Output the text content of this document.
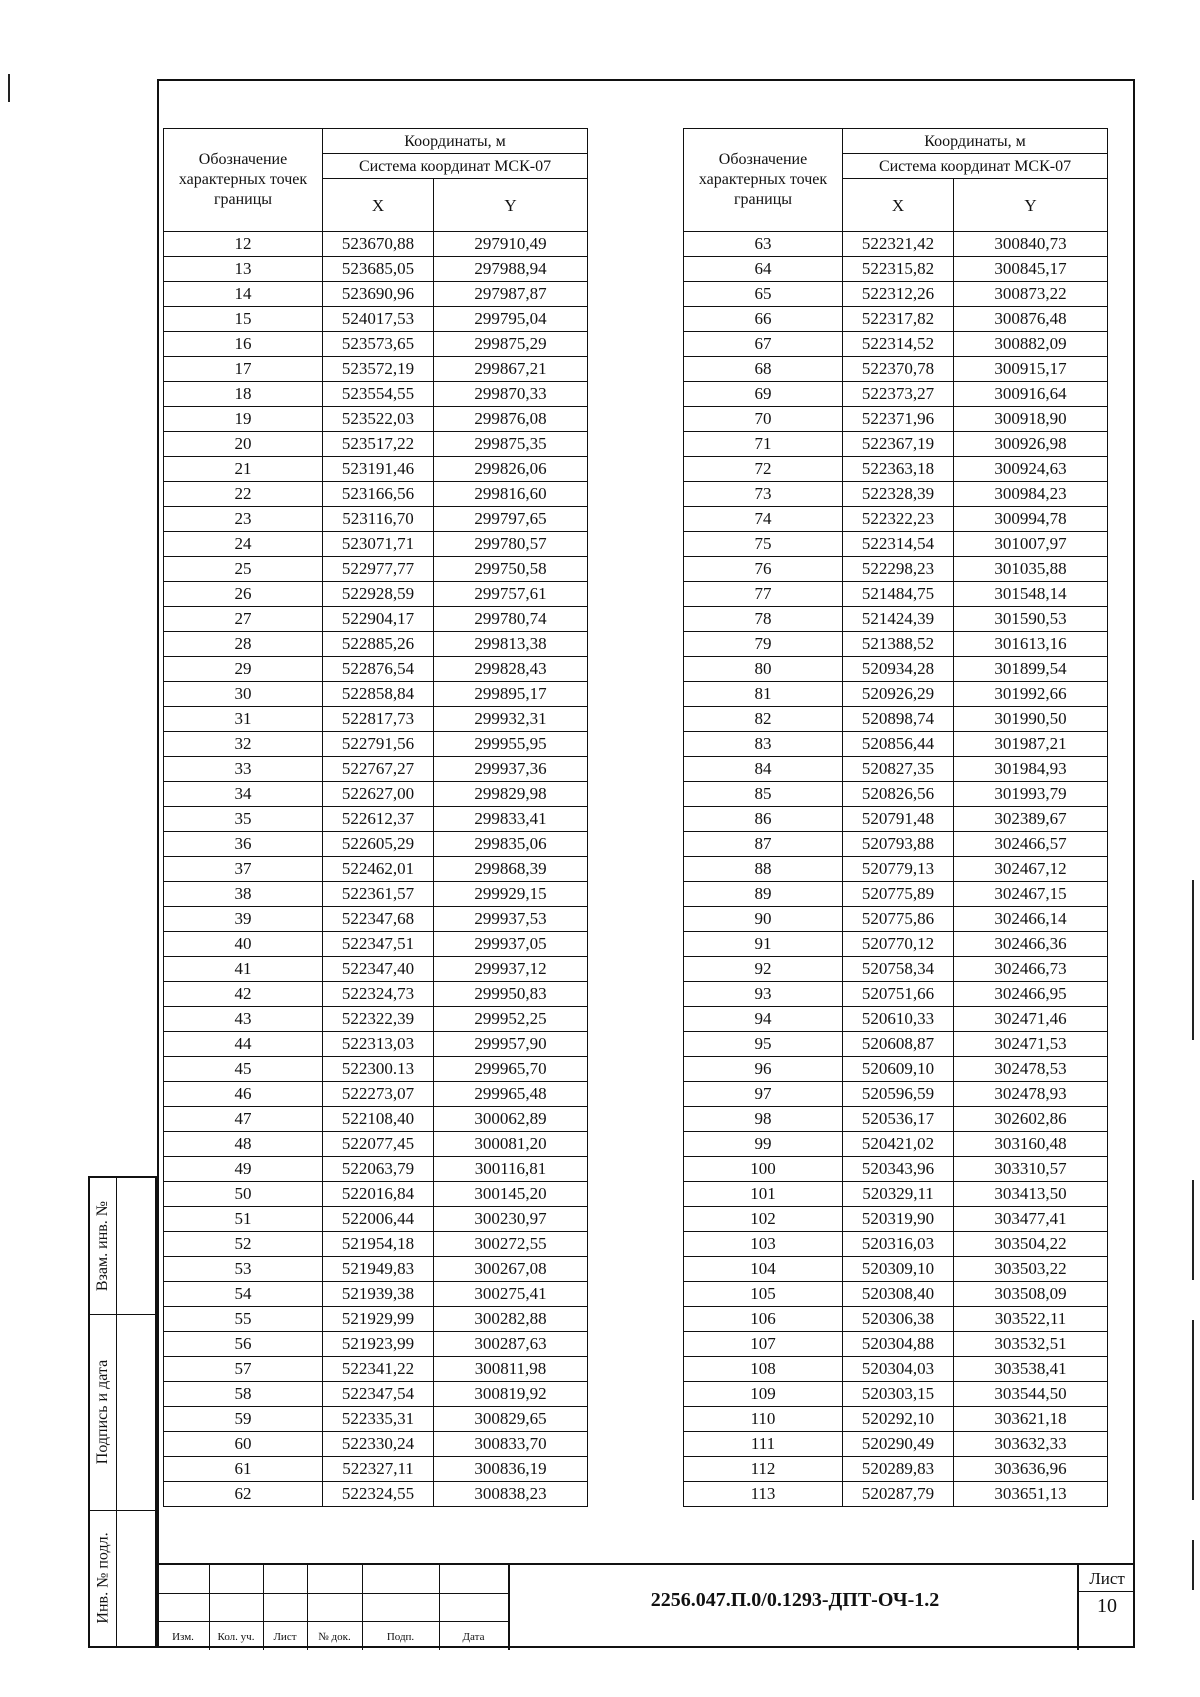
Обозначение характерных точек границы	Координаты, м	
	Система координат МСК-07	
	X	Y
12	523670,88	297910,49
13	523685,05	297988,94
14	523690,96	297987,87
15	524017,53	299795,04
16	523573,65	299875,29
17	523572,19	299867,21
18	523554,55	299870,33
19	523522,03	299876,08
20	523517,22	299875,35
21	523191,46	299826,06
22	523166,56	299816,60
23	523116,70	299797,65
24	523071,71	299780,57
25	522977,77	299750,58
26	522928,59	299757,61
27	522904,17	299780,74
28	522885,26	299813,38
29	522876,54	299828,43
30	522858,84	299895,17
31	522817,73	299932,31
32	522791,56	299955,95
33	522767,27	299937,36
34	522627,00	299829,98
35	522612,37	299833,41
36	522605,29	299835,06
37	522462,01	299868,39
38	522361,57	299929,15
39	522347,68	299937,53
40	522347,51	299937,05
41	522347,40	299937,12
42	522324,73	299950,83
43	522322,39	299952,25
44	522313,03	299957,90
45	522300.13	299965,70
46	522273,07	299965,48
47	522108,40	300062,89
48	522077,45	300081,20
49	522063,79	300116,81
50	522016,84	300145,20
51	522006,44	300230,97
52	521954,18	300272,55
53	521949,83	300267,08
54	521939,38	300275,41
55	521929,99	300282,88
56	521923,99	300287,63
57	522341,22	300811,98
58	522347,54	300819,92
59	522335,31	300829,65
60	522330,24	300833,70
61	522327,11	300836,19
62	522324,55	300838,23
Обозначение характерных точек границы	Координаты, м	
	Система координат МСК-07	
	X	Y
63	522321,42	300840,73
64	522315,82	300845,17
65	522312,26	300873,22
66	522317,82	300876,48
67	522314,52	300882,09
68	522370,78	300915,17
69	522373,27	300916,64
70	522371,96	300918,90
71	522367,19	300926,98
72	522363,18	300924,63
73	522328,39	300984,23
74	522322,23	300994,78
75	522314,54	301007,97
76	522298,23	301035,88
77	521484,75	301548,14
78	521424,39	301590,53
79	521388,52	301613,16
80	520934,28	301899,54
81	520926,29	301992,66
82	520898,74	301990,50
83	520856,44	301987,21
84	520827,35	301984,93
85	520826,56	301993,79
86	520791,48	302389,67
87	520793,88	302466,57
88	520779,13	302467,12
89	520775,89	302467,15
90	520775,86	302466,14
91	520770,12	302466,36
92	520758,34	302466,73
93	520751,66	302466,95
94	520610,33	302471,46
95	520608,87	302471,53
96	520609,10	302478,53
97	520596,59	302478,93
98	520536,17	302602,86
99	520421,02	303160,48
100	520343,96	303310,57
101	520329,11	303413,50
102	520319,90	303477,41
103	520316,03	303504,22
104	520309,10	303503,22
105	520308,40	303508,09
106	520306,38	303522,11
107	520304,88	303532,51
108	520304,03	303538,41
109	520303,15	303544,50
110	520292,10	303621,18
111	520290,49	303632,33
112	520289,83	303636,96
113	520287,79	303651,13
Взам. инв. №
Подпись и дата
Инв. № подл.
Изм.	Кол. уч.	Лист	№ док.	Подп.	Дата
2256.047.П.0/0.1293-ДПТ-ОЧ-1.2
Лист
10
